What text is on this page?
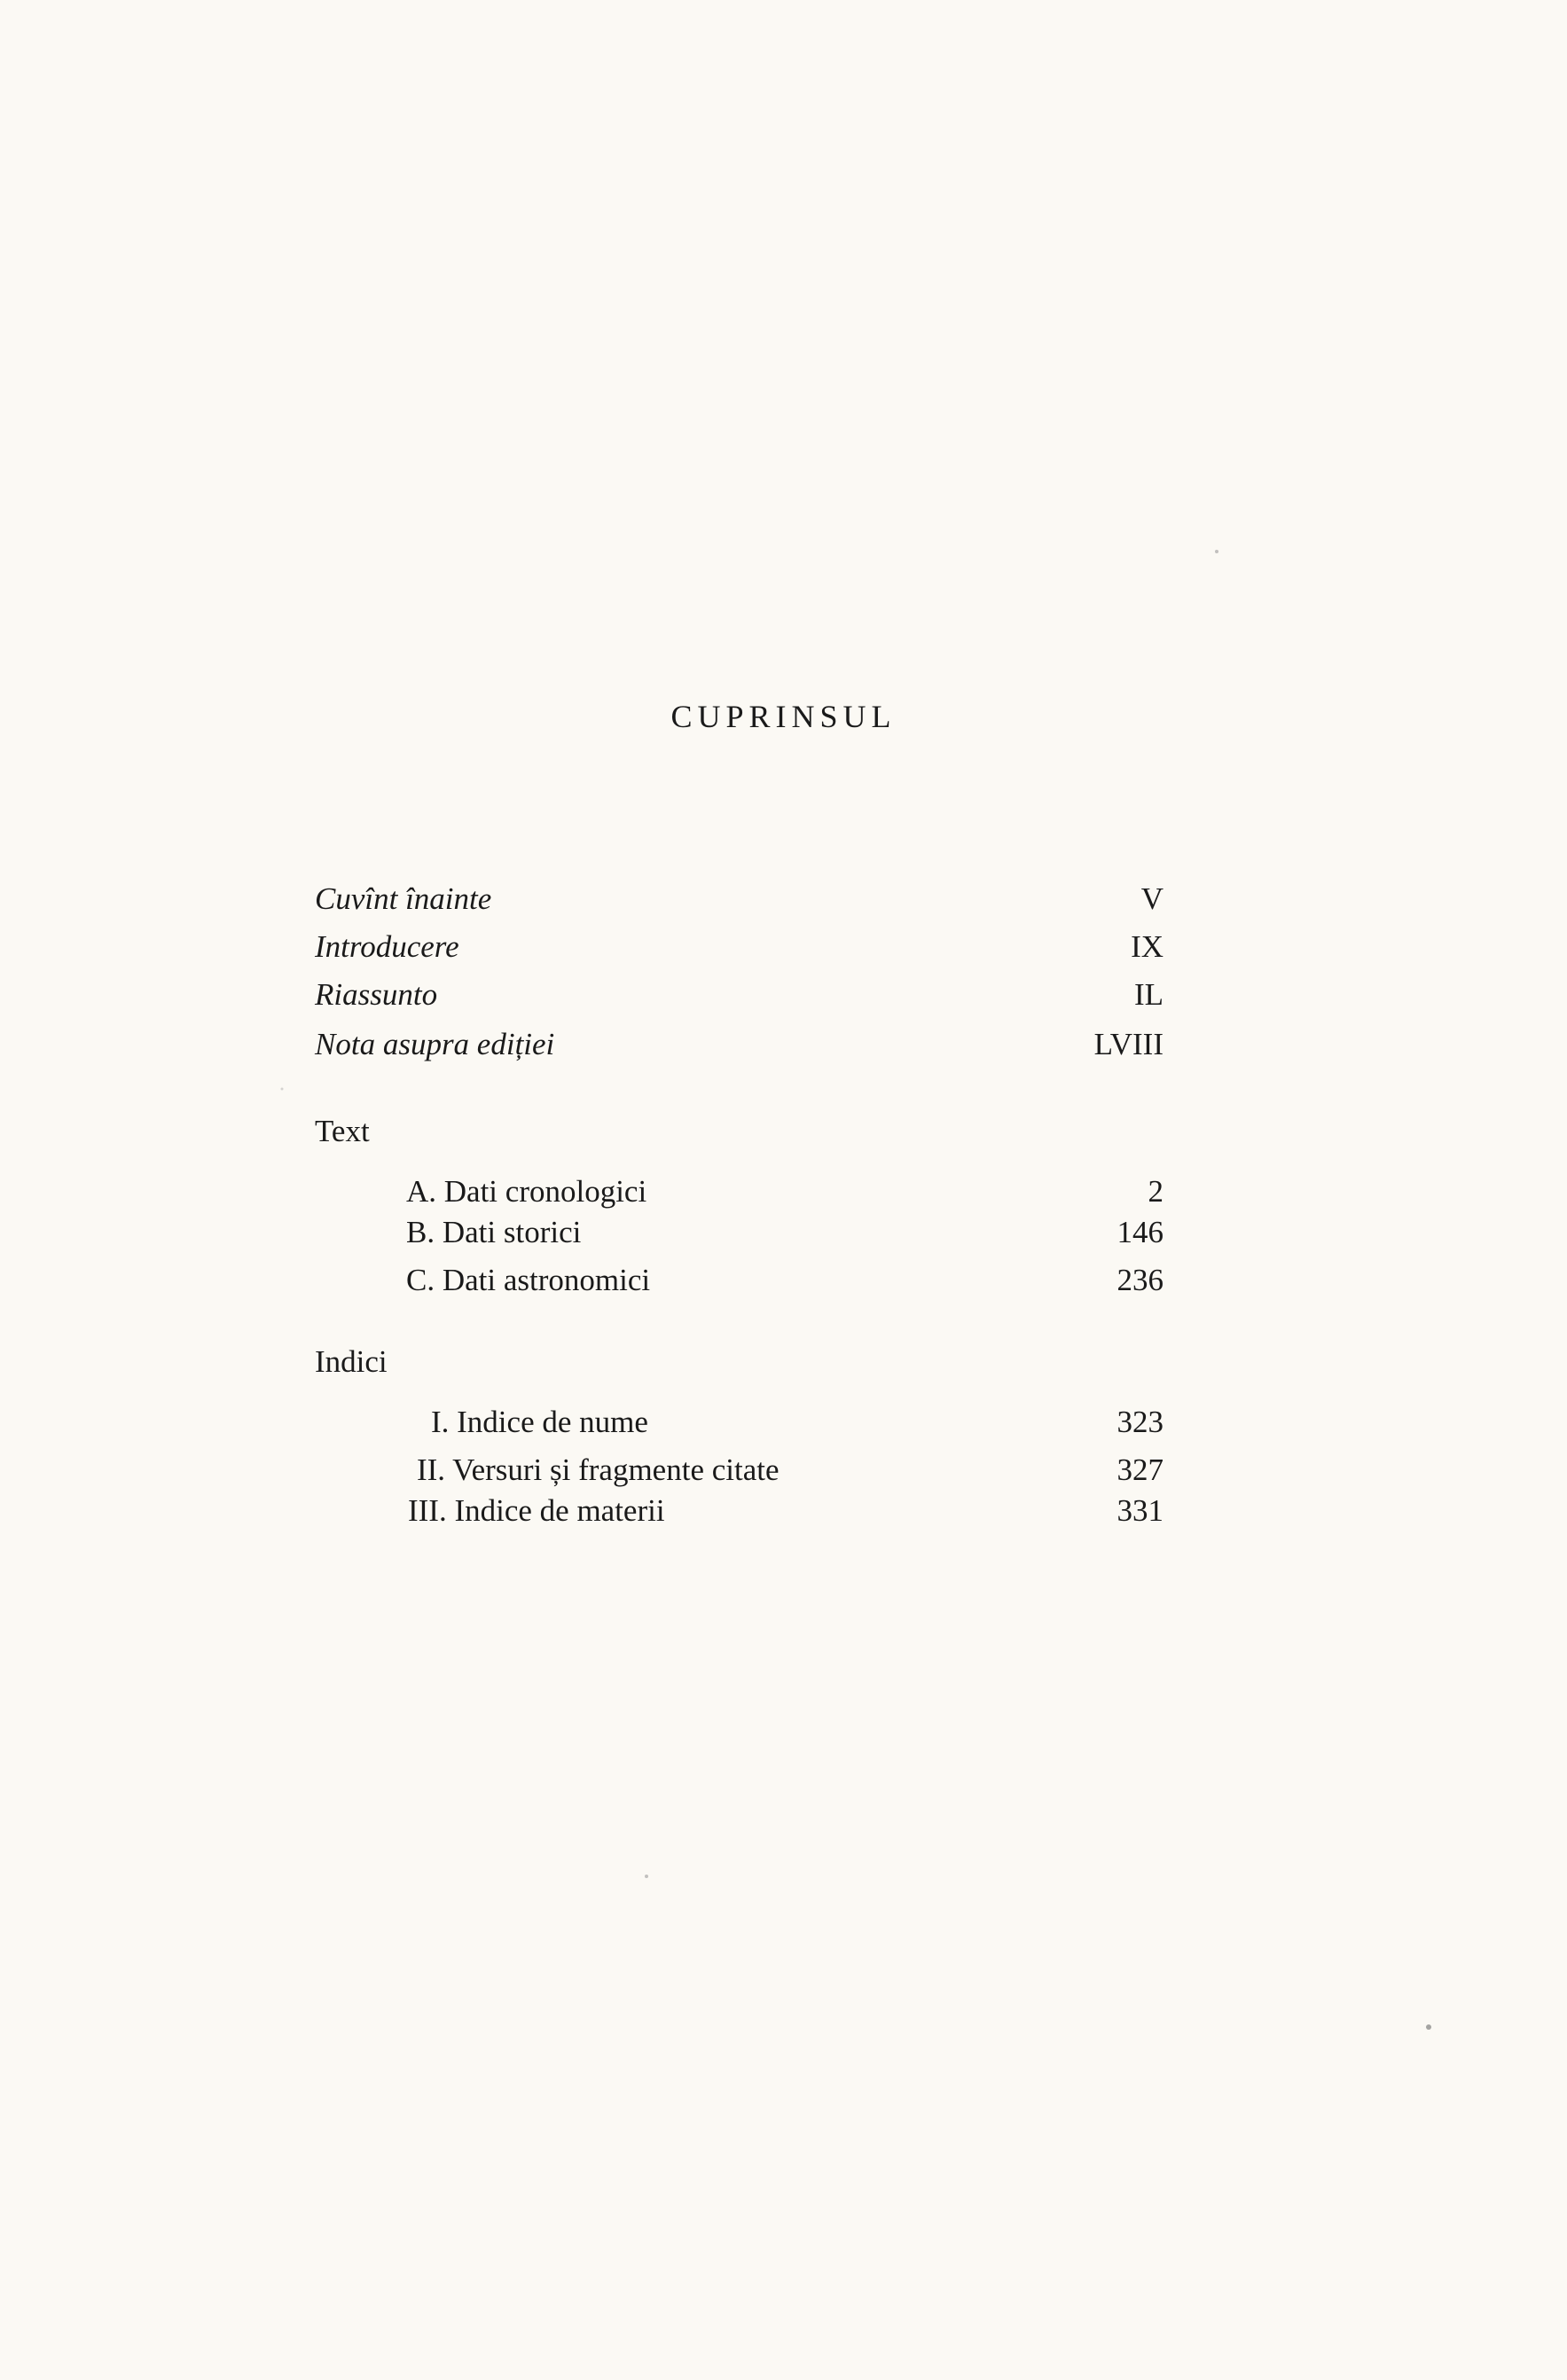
CUPRINSUL
Cuvînt înainte	V
Introducere	IX
Riassunto	IL
Nota asupra ediției	LVIII
Text
A. Dati cronologici	2
B. Dati storici	146
C. Dati astronomici	236
Indici
I. Indice de nume	323
II. Versuri și fragmente citate	327
III. Indice de materii	331
